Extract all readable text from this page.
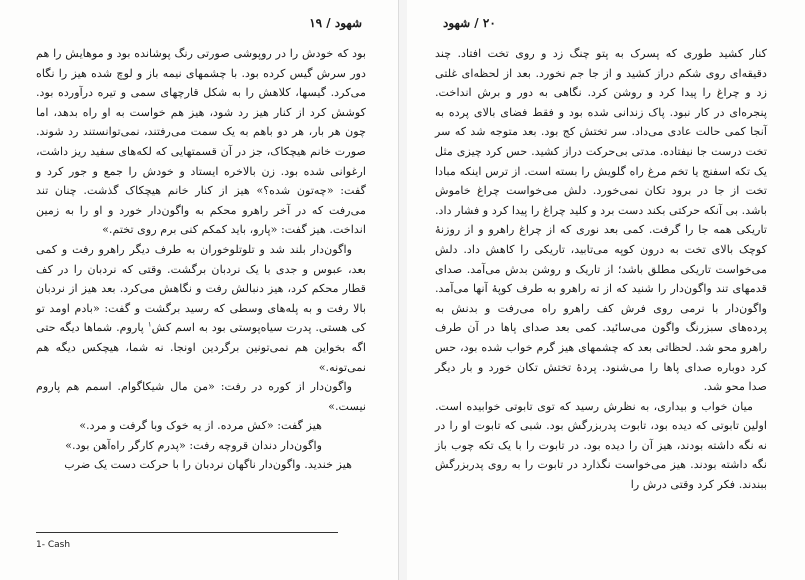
شهود / ۱۹

بود که خودش را در روپوشی صورتی رنگ پوشانده بود و موهایش را هم دور سرش گیس کرده بود. با چشمهای نیمه باز و لوچ شده هیز را نگاه می‌کرد. گیسها، کلاهش را به شکل قارچهای سمی و تیره درآورده بود. کوشش کرد از کنار هیز رد شود، هیز هم خواست به او راه بدهد، اما چون هر بار، هر دو باهم به یک سمت می‌رفتند، نمی‌توانستند رد شوند. صورت خانم هیچکاک، جز در آن قسمتهایی که لکه‌های سفید ریز داشت، ارغوانی شده بود. زن بالاخره ایستاد و خودش را جمع و جور کرد و گفت: «چه‌تون شده؟» هیز از کنار خانم هیچکاک گذشت. چنان تند می‌رفت که در آخر راهرو محکم به واگون‌دار خورد و او را به زمین انداخت. هیز گفت: «پارو، باید کمکم کنی برم روی تختم.»

واگون‌دار بلند شد و تلوتلوخوران به طرف دیگر راهرو رفت و کمی بعد، عبوس و جدی با یک نردبان برگشت. وقتی که نردبان را در کف قطار محکم کرد، هیز دنبالش رفت و نگاهش می‌کرد. بعد هیز از نردبان بالا رفت و به پله‌های وسطی که رسید برگشت و گفت: «بادم اومد تو کی هستی. پدرت سیاه‌پوستی بود به اسم کش$^۱$ پاروم. شماها دیگه حتی اگه بخواین هم نمی‌تونین برگردین اونجا. نه شما، هیچکس دیگه هم نمی‌تونه.»

واگون‌دار از کوره در رفت: «من مال شیکاگوام. اسمم هم پاروم نیست.»

هیز گفت: «کش مرده. از یه خوک وبا گرفت و مرد.»

واگون‌دار دندان قروچه رفت: «پدرم کارگر راه‌آهن بود.»

هیز خندید. واگون‌دار ناگهان نردبان را با حرکت دست یک ضرب

1- Cash
۲۰ / شهود

کنار کشید طوری که پسرک به پتو چنگ زد و روی تخت افتاد. چند دقیقه‌ای روی شکم دراز کشید و از جا جم نخورد. بعد از لحظه‌ای غلتی زد و چراغ را پیدا کرد و روشن کرد. نگاهی به دور و برش انداخت. پنجره‌ای در کار نبود. پاک زندانی شده بود و فقط فضای بالای پرده به آنجا کمی حالت عادی می‌داد. سر تختش کج بود. بعد متوجه شد که سر تخت درست جا نیفتاده. مدتی بی‌حرکت دراز کشید. حس کرد چیزی مثل یک تکه اسفنج یا تخم مرغ راه گلویش را بسته است. از ترس اینکه مبادا تخت از جا در برود تکان نمی‌خورد. دلش می‌خواست چراغ خاموش باشد. بی آنکه حرکتی بکند دست برد و کلید چراغ را پیدا کرد و فشار داد. تاریکی همه جا را گرفت. کمی بعد نوری که از چراغ راهرو و از روزنهٔ کوچک بالای تخت به درون کوپه می‌تابید، تاریکی را کاهش داد. دلش می‌خواست تاریکی مطلق باشد؛ از تاریک و روشن بدش می‌آمد. صدای قدمهای تند واگون‌دار را شنید که از ته راهرو به طرف کوپهٔ آنها می‌آمد. واگون‌دار با نرمی روی فرش کف راهرو راه می‌رفت و بدنش به پرده‌های سبزرنگ واگون می‌سائید. کمی بعد صدای پاها در آن طرف راهرو محو شد. لحظاتی بعد که چشمهای هیز گرم خواب شده بود، حس کرد دوباره صدای پاها را می‌شنود. پردهٔ تختش تکان خورد و بار دیگر صدا محو شد.

میان خواب و بیداری، به نظرش رسید که توی تابوتی خوابیده است. اولین تابوتی که دیده بود، تابوت پدربزرگش بود. شبی که تابوت او را در نه نگه داشته بودند، هیز آن را دیده بود. در تابوت را با یک تکه چوب باز نگه داشته بودند. هیز می‌خواست نگذارد در تابوت را به روی پدربزرگش ببندند. فکر کرد وقتی درش را
